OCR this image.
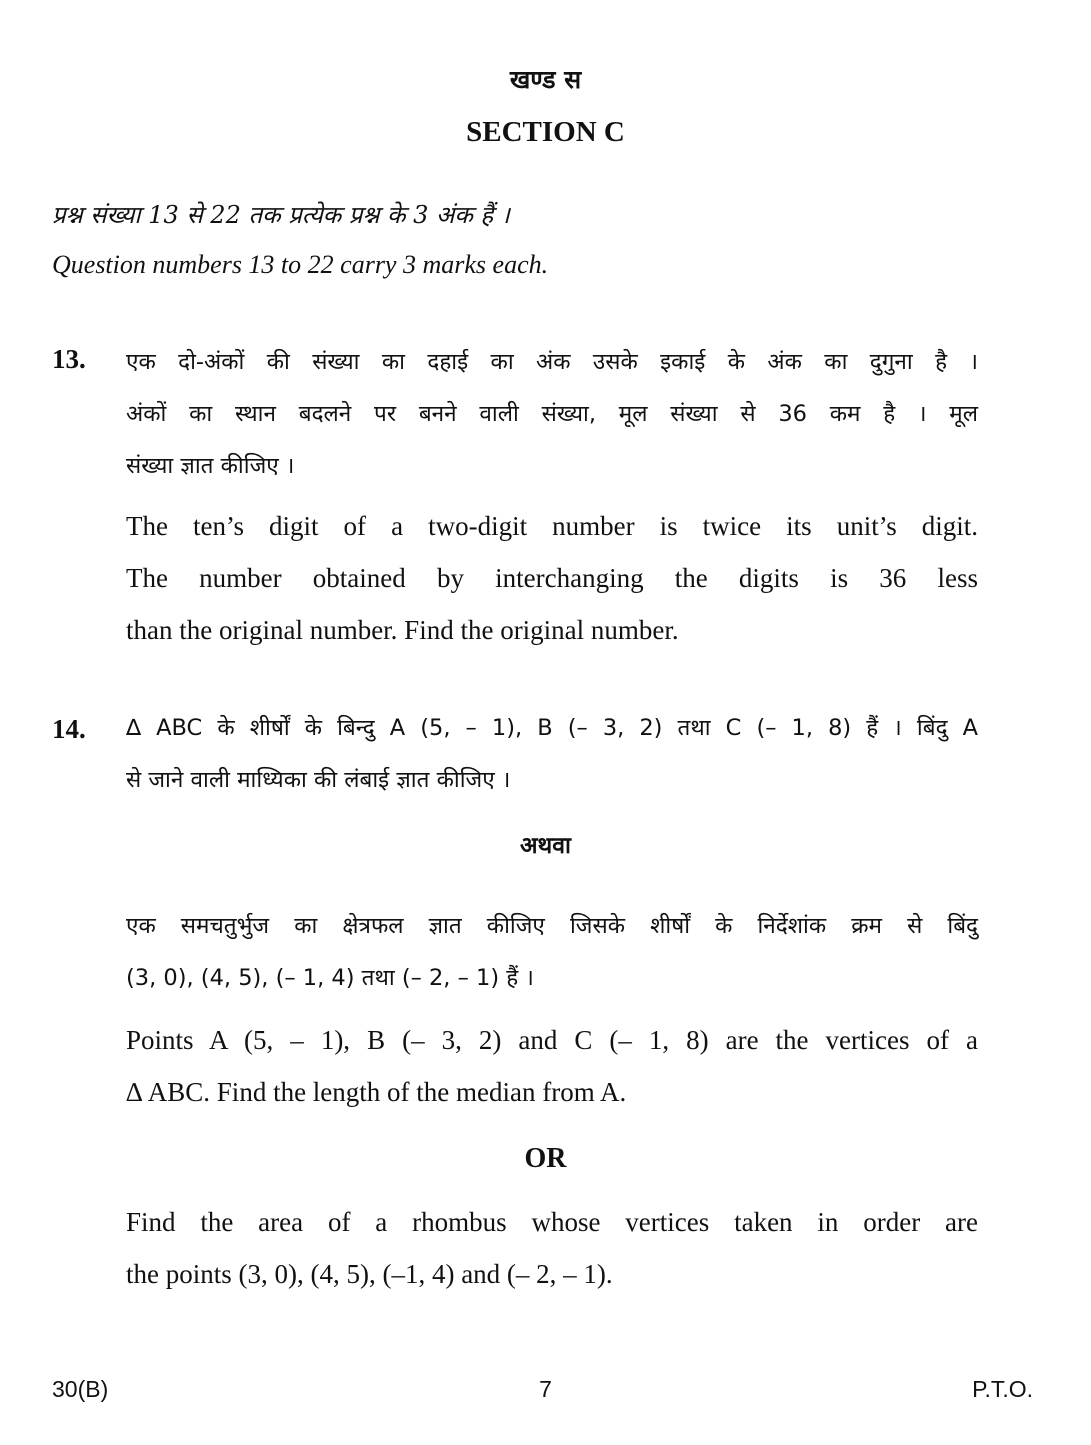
खण्ड स
SECTION C
प्रश्न संख्या 13 से 22 तक प्रत्येक प्रश्न के 3 अंक हैं ।
Question numbers 13 to 22 carry 3 marks each.
13. एक दो-अंकों की संख्या का दहाई का अंक उसके इकाई के अंक का दुगुना है ।
अंकों का स्थान बदलने पर बनने वाली संख्या, मूल संख्या से 36 कम है । मूल
संख्या ज्ञात कीजिए ।
The ten’s digit of a two-digit number is twice its unit’s digit.
The number obtained by interchanging the digits is 36 less
than the original number. Find the original number.
14. ∆ ABC के शीर्षों के बिन्दु A (5, – 1), B (– 3, 2) तथा C (– 1, 8) हैं । बिंदु A
से जाने वाली माध्यिका की लंबाई ज्ञात कीजिए ।
अथवा
एक समचतुर्भुज का क्षेत्रफल ज्ञात कीजिए जिसके शीर्षों के निर्देशांक क्रम से बिंदु
(3, 0), (4, 5), (– 1, 4) तथा (– 2, – 1) हैं ।
Points A (5, – 1), B (– 3, 2) and C (– 1, 8) are the vertices of a
∆ ABC. Find the length of the median from A.
OR
Find the area of a rhombus whose vertices taken in order are
the points (3, 0), (4, 5), (–1, 4) and (– 2, – 1).
30(B)	7	P.T.O.
